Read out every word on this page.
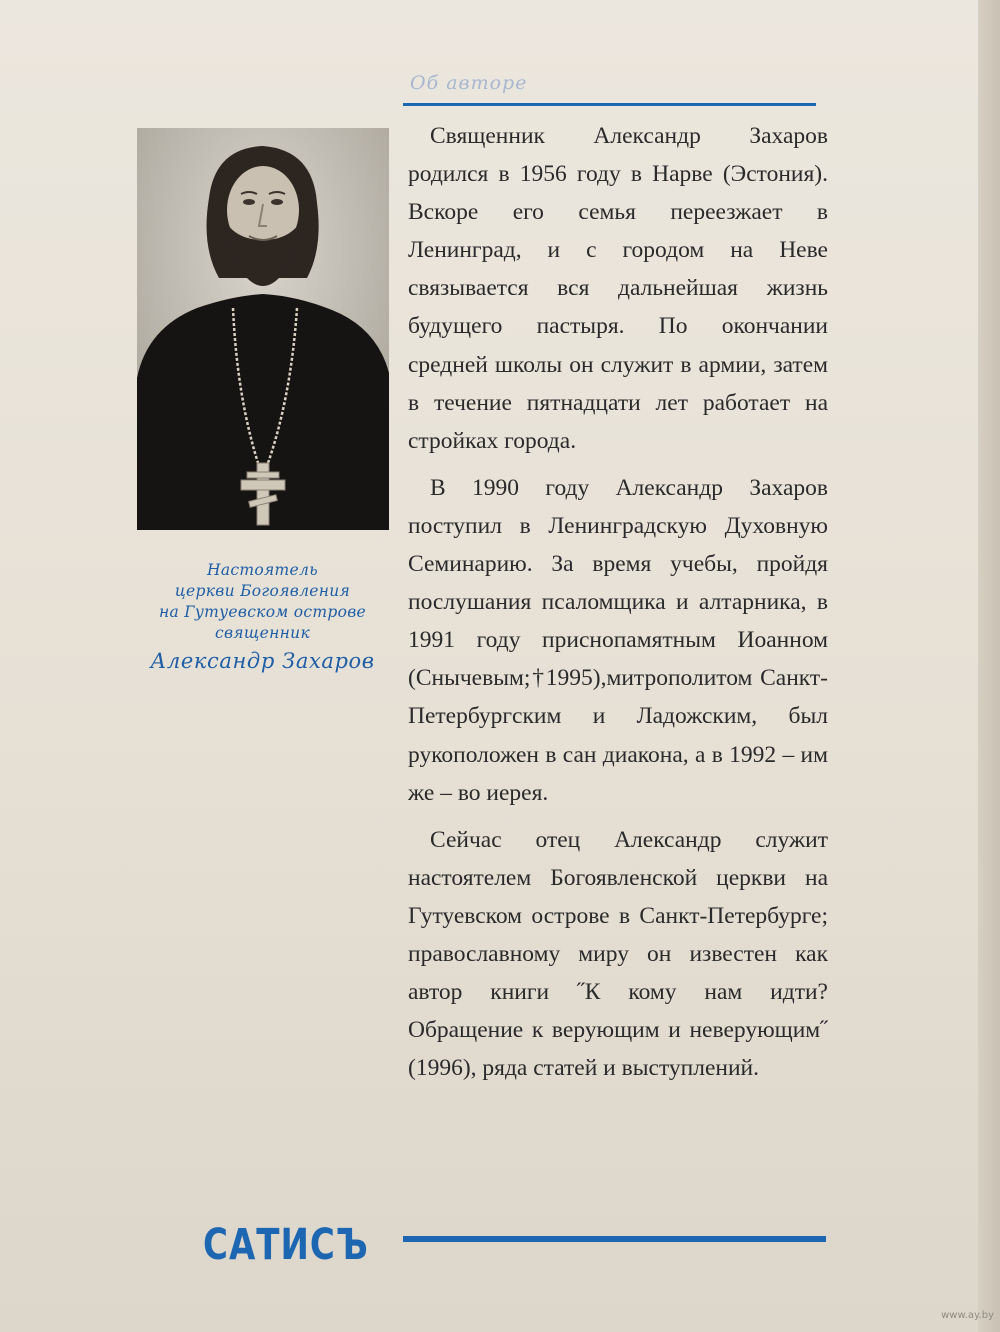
Об авторе
Настоятель
церкви Богоявления
на Гутуевском острове
священник
Александр Захаров

Священник Александр Захаров родился в 1956 году в Нарве (Эстония). Вскоре его семья переезжает в Ленинград, и с городом на Неве связывается вся дальнейшая жизнь будущего пастыря. По окончании средней школы он служит в армии, затем в течение пятнадцати лет работает на стройках города.

В 1990 году Александр Захаров поступил в Ленинградскую Духовную Семинарию. За время учебы, пройдя послушания псаломщика и алтарника, в 1991 году приснопамятным Иоанном (Снычевым;†1995),митрополитом Санкт-Петербургским и Ладожским, был рукоположен в сан диакона, а в 1992 – им же – во иерея.

Сейчас отец Александр служит настоятелем Богоявленской церкви на Гутуевском острове в Санкт-Петербурге; православному миру он известен как автор книги ˝К кому нам идти? Обращение к верующим и неверующим˝ (1996), ряда статей и выступлений.

САТИСЪ
www.ay.by
